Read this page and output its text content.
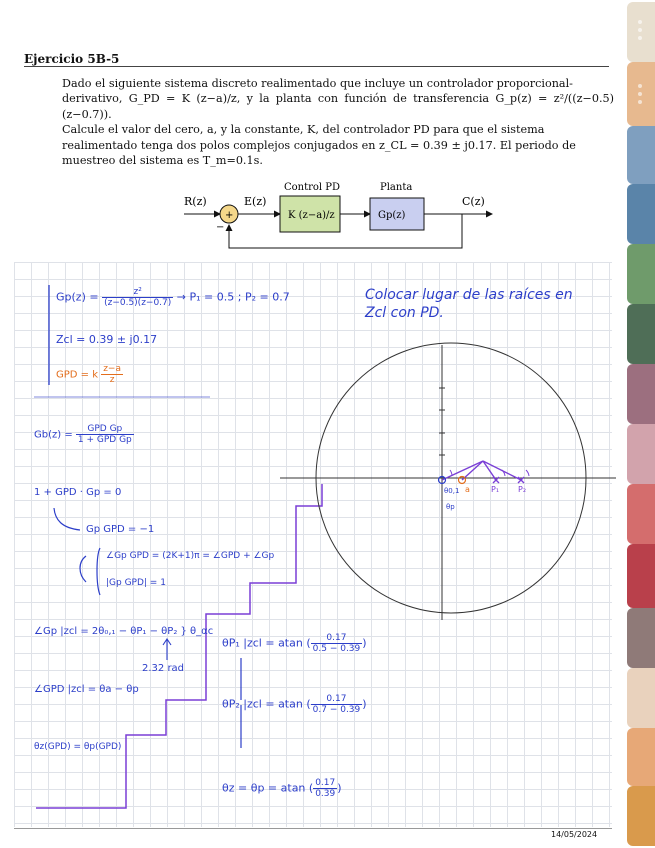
Ejercicio 5B-5
Dado el siguiente sistema discreto realimentado que incluye un controlador proporcional-
derivativo, G_PD = K (z−a)/z, y la planta con función de transferencia G_p(z) = z²/((z−0.5)(z−0.7)).
Calcule el valor del cero, a, y la constante, K, del controlador PD para que el sistema
realimentado tenga dos polos complejos conjugados en z_CL = 0.39 ± j0.17. El periodo de
muestreo del sistema es T_m=0.1s.
R(z)
+
−
E(z)
Control PD
K (z−a)/z
Planta
Gp(z)
C(z)
$Gp(z) = \frac{\text{z²}}{(z-0.5)(z-0.7)} \to P_1 = 0.5$ ; P₂ = 0.7
Zcl = 0.39 ± j0.17
GPD = k $\frac{z-a}{z}$
Colocar lugar de las raíces en
Zcl con PD.
$Gb(z) = \frac{\text{GPD Gp}}{\text{1 + GPD Gp}}$
1 + GPD · Gp = 0
Gp GPD = −1
∠Gp GPD = (2K+1)π = ∠GPD + ∠Gp
|Gp GPD| = 1
∠Gp |zcl = 2θ₀,₁ − θP₁ − θP₂ } θ_αc
2.32 rad
∠GPD |zcl = θa − θp
θz(GPD) = θp(GPD)
θP₁ |zcl = atan ( $\frac{0.17}{0.5 - 0.39}$ )
θP₂ |zcl = atan ( $\frac{0.17}{0.7 - 0.39}$ )
θz = θp = atan ( $\frac{0.17}{0.39}$ )
θ0,1 a	P₁ P₂
θp
14/05/2024
